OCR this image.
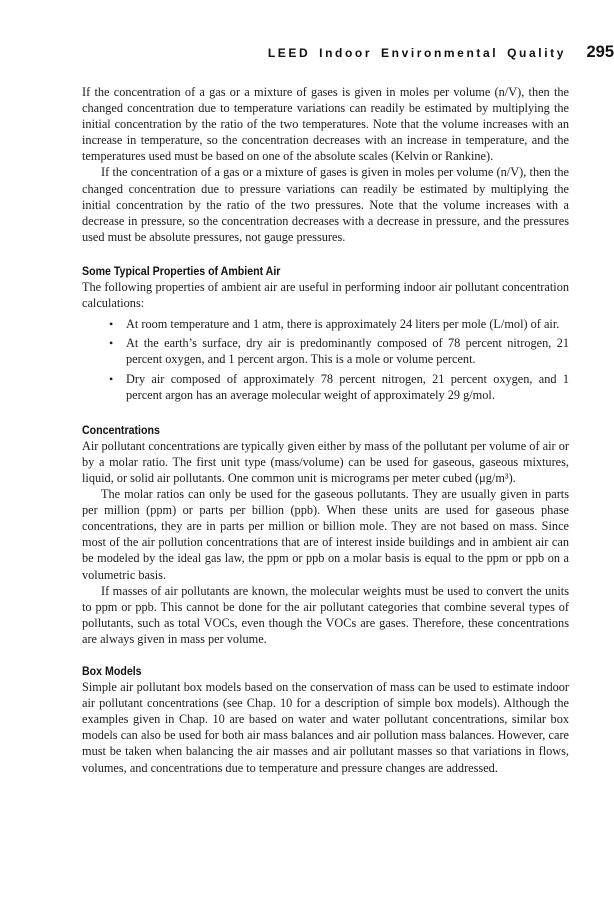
LEED Indoor Environmental Quality 295

If the concentration of a gas or a mixture of gases is given in moles per volume (n/V), then the changed concentration due to temperature variations can readily be estimated by multiplying the initial concentration by the ratio of the two temperatures. Note that the volume increases with an increase in temperature, so the concentration decreases with an increase in temperature, and the temperatures used must be based on one of the absolute scales (Kelvin or Rankine).

If the concentration of a gas or a mixture of gases is given in moles per volume (n/V), then the changed concentration due to pressure variations can readily be estimated by multiplying the initial concentration by the ratio of the two pressures. Note that the volume increases with a decrease in pressure, so the concentration decreases with a decrease in pressure, and the pressures used must be absolute pressures, not gauge pressures.

Some Typical Properties of Ambient Air

The following properties of ambient air are useful in performing indoor air pollutant concentration calculations:

• At room temperature and 1 atm, there is approximately 24 liters per mole (L/mol) of air.
• At the earth’s surface, dry air is predominantly composed of 78 percent nitrogen, 21 percent oxygen, and 1 percent argon. This is a mole or volume percent.
• Dry air composed of approximately 78 percent nitrogen, 21 percent oxygen, and 1 percent argon has an average molecular weight of approximately 29 g/mol.
Concentrations

Air pollutant concentrations are typically given either by mass of the pollutant per volume of air or by a molar ratio. The first unit type (mass/volume) can be used for gaseous, gaseous mixtures, liquid, or solid air pollutants. One common unit is micrograms per meter cubed (μg/m³).

The molar ratios can only be used for the gaseous pollutants. They are usually given in parts per million (ppm) or parts per billion (ppb). When these units are used for gaseous phase concentrations, they are in parts per million or billion mole. They are not based on mass. Since most of the air pollution concentrations that are of interest inside buildings and in ambient air can be modeled by the ideal gas law, the ppm or ppb on a molar basis is equal to the ppm or ppb on a volumetric basis.

If masses of air pollutants are known, the molecular weights must be used to convert the units to ppm or ppb. This cannot be done for the air pollutant categories that combine several types of pollutants, such as total VOCs, even though the VOCs are gases. Therefore, these concentrations are always given in mass per volume.

Box Models

Simple air pollutant box models based on the conservation of mass can be used to estimate indoor air pollutant concentrations (see Chap. 10 for a description of simple box models). Although the examples given in Chap. 10 are based on water and water pollutant concentrations, similar box models can also be used for both air mass balances and air pollution mass balances. However, care must be taken when balancing the air masses and air pollutant masses so that variations in flows, volumes, and concentrations due to temperature and pressure changes are addressed.
